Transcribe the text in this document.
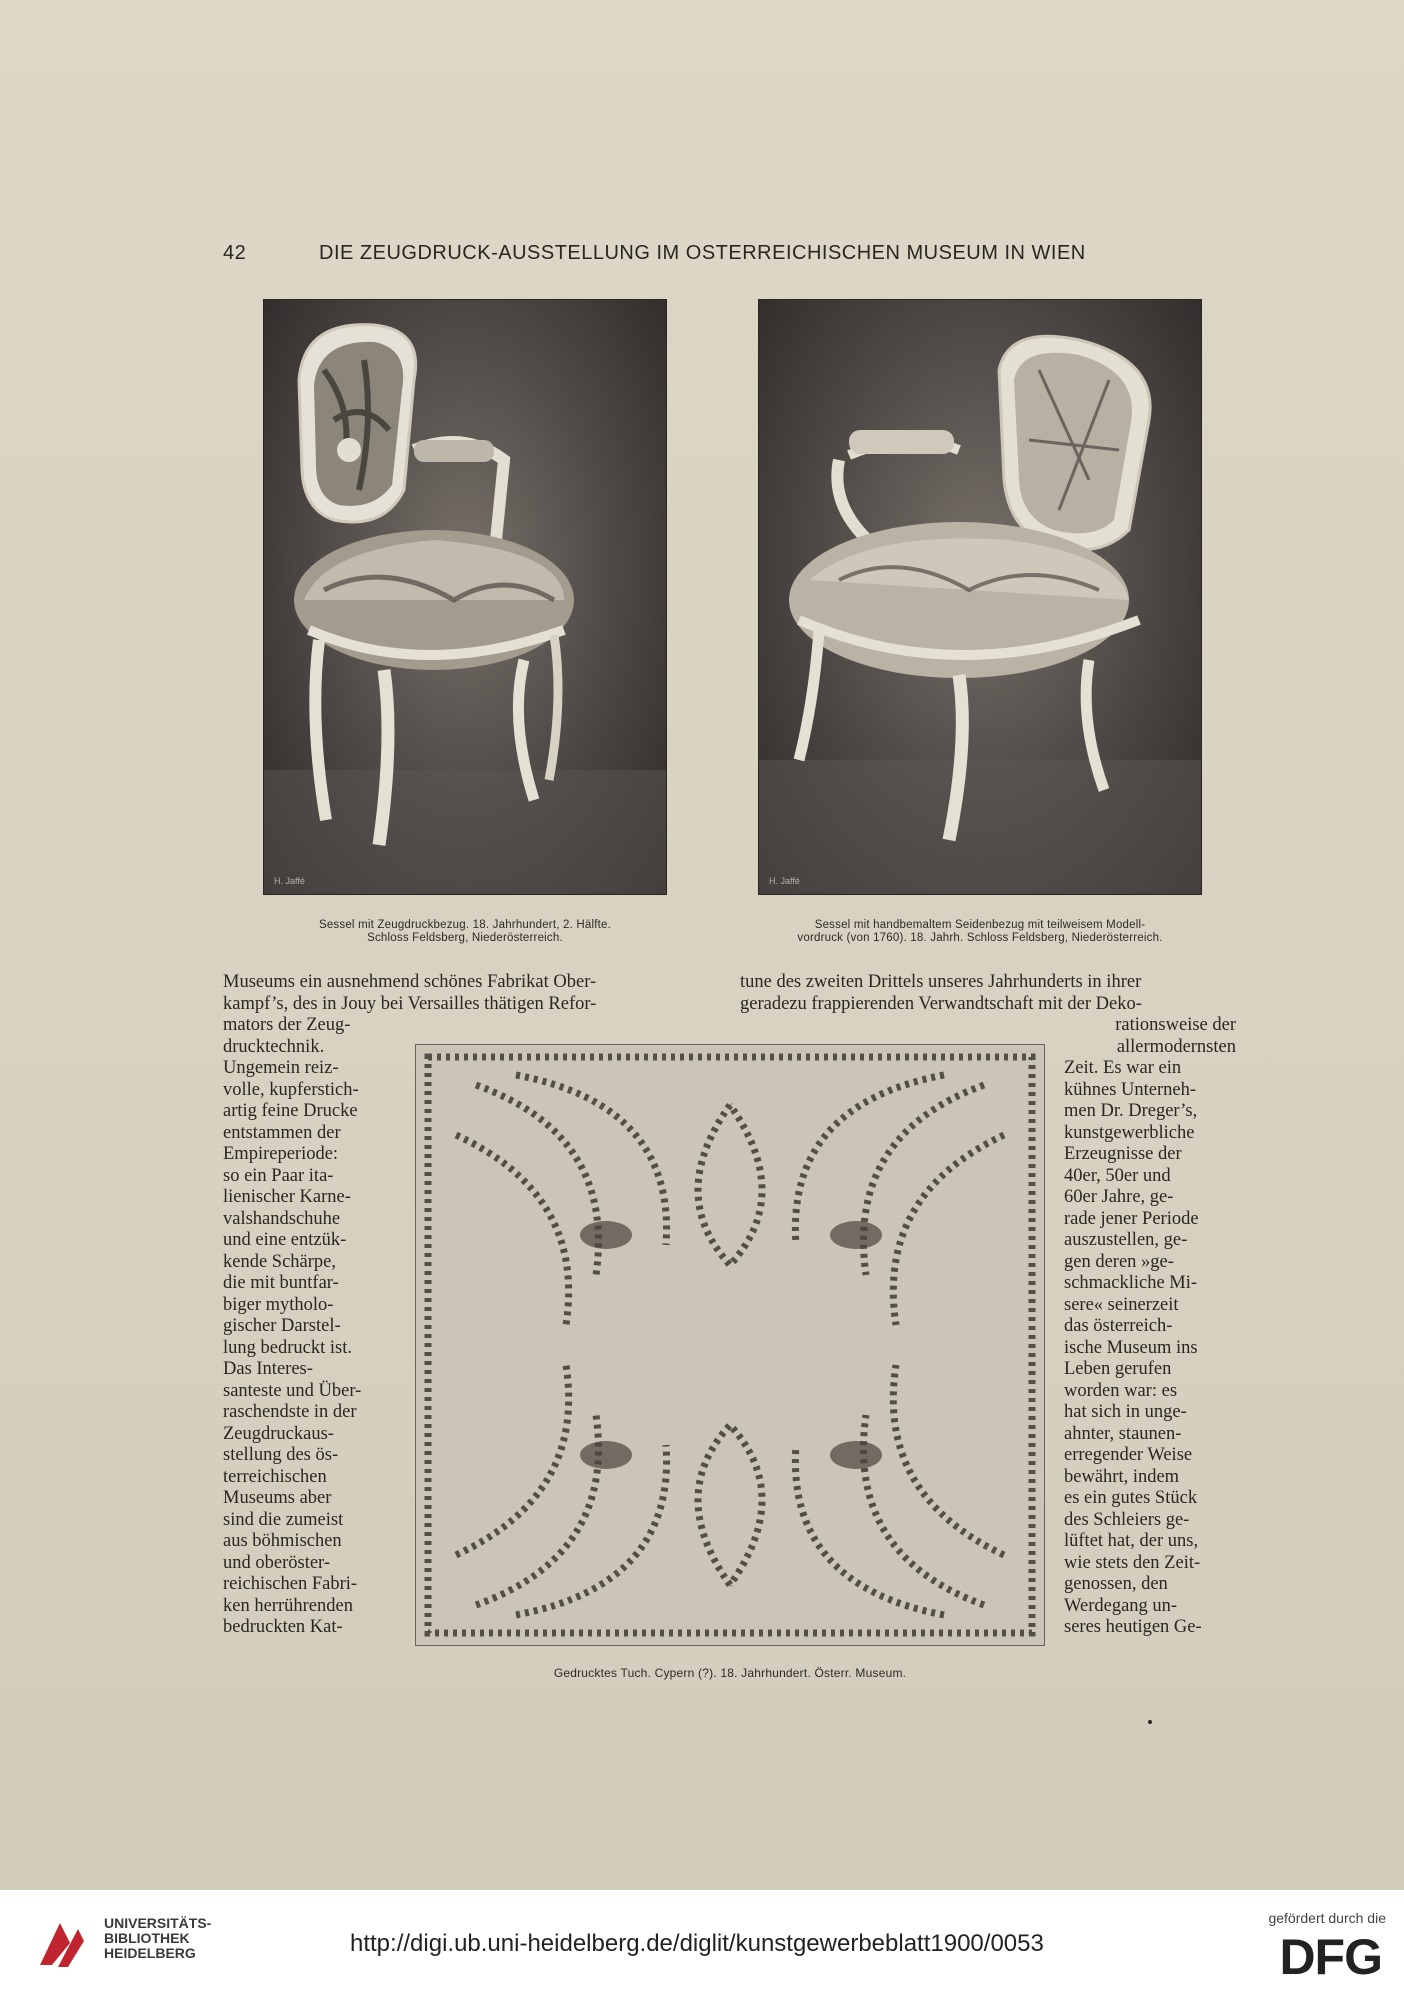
42	DIE ZEUGDRUCK-AUSSTELLUNG IM OSTERREICHISCHEN MUSEUM IN WIEN
H. Jaffé	H. Jaffé
Sessel mit Zeugdruckbezug. 18. Jahrhundert, 2. Hälfte.
Schloss Feldsberg, Niederösterreich.
Sessel mit handbemaltem Seidenbezug mit teilweisem Modell-
vordruck (von 1760). 18. Jahrh. Schloss Feldsberg, Niederösterreich.
Museums ein ausnehmend schönes Fabrikat Ober-
kampf’s, des in Jouy bei Versailles thätigen Refor-
mators der Zeug-
drucktechnik.
Ungemein reiz-
volle, kupferstich-
artig feine Drucke
entstammen der
Empireperiode:
so ein Paar ita-
lienischer Karne-
valshandschuhe
und eine entzük-
kende Schärpe,
die mit buntfar-
biger mytholo-
gischer Darstel-
lung bedruckt ist.
Das Interes-
santeste und Über-
raschendste in der
Zeugdruckaus-
stellung des ös-
terreichischen
Museums aber
sind die zumeist
aus böhmischen
und oberöster-
reichischen Fabri-
ken herrührenden
bedruckten Kat-
tune des zweiten Drittels unseres Jahrhunderts in ihrer
geradezu frappierenden Verwandtschaft mit der Deko-
rationsweise der
allermodernsten
Zeit. Es war ein
kühnes Unterneh-
men Dr. Dreger’s,
kunstgewerbliche
Erzeugnisse der
40er, 50er und
60er Jahre, ge-
rade jener Periode
auszustellen, ge-
gen deren »ge-
schmackliche Mi-
sere« seinerzeit
das österreich-
ische Museum ins
Leben gerufen
worden war: es
hat sich in unge-
ahnter, staunen-
erregender Weise
bewährt, indem
es ein gutes Stück
des Schleiers ge-
lüftet hat, der uns,
wie stets den Zeit-
genossen, den
Werdegang un-
seres heutigen Ge-
Gedrucktes Tuch. Cypern (?). 18. Jahrhundert. Österr. Museum.
UNIVERSITÄTS-
BIBLIOTHEK
HEIDELBERG	http://digi.ub.uni-heidelberg.de/diglit/kunstgewerbeblatt1900/0053
gefördert durch die
DFG
